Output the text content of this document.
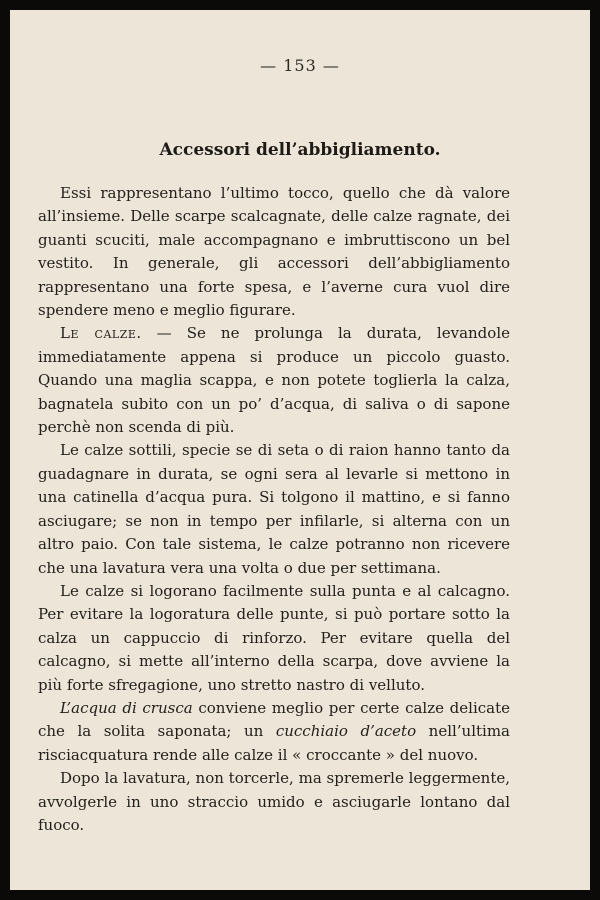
— 153 —
Accessori dell’abbigliamento.

Essi rappresentano l’ultimo tocco, quello che dà valore all’insieme. Delle scarpe scalcagnate, delle calze ragnate, dei guanti scuciti, male accompagnano e imbruttiscono un bel vestito. In generale, gli accessori dell’abbigliamento rappresentano una forte spesa, e l’averne cura vuol dire spendere meno e meglio figurare.

Le calze. — Se ne prolunga la durata, levandole immediatamente appena si produce un piccolo guasto. Quando una maglia scappa, e non potete toglierla la calza, bagnatela subito con un po’ d’acqua, di saliva o di sapone perchè non scenda di più.

Le calze sottili, specie se di seta o di raion hanno tanto da guadagnare in durata, se ogni sera al levarle si mettono in una catinella d’acqua pura. Si tolgono il mattino, e si fanno asciugare; se non in tempo per infilarle, si alterna con un altro paio. Con tale sistema, le calze potranno non ricevere che una lavatura vera una volta o due per settimana.

Le calze si logorano facilmente sulla punta e al calcagno. Per evitare la logoratura delle punte, si può portare sotto la calza un cappuccio di rinforzo. Per evitare quella del calcagno, si mette all’interno della scarpa, dove avviene la più forte sfregagione, uno stretto nastro di velluto.

L’acqua di crusca conviene meglio per certe calze delicate che la solita saponata; un cucchiaio d’aceto nell’ultima risciacquatura rende alle calze il « croccante » del nuovo.

Dopo la lavatura, non torcerle, ma spremerle leggermente, avvolgerle in uno straccio umido e asciugarle lontano dal fuoco.
